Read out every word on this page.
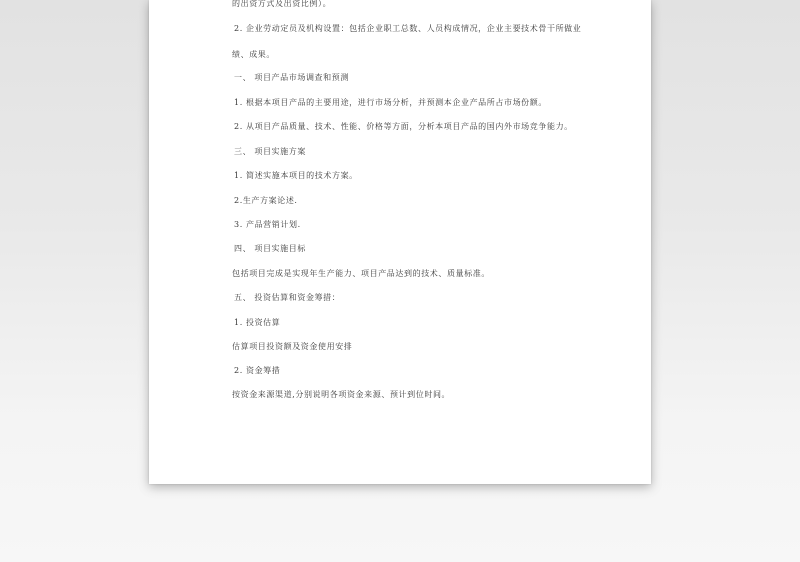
的出资方式及出资比例）。
2. 企业劳动定员及机构设置：包括企业职工总数、人员构成情况，企业主要技术骨干所做业
绩、成果。
一、 项目产品市场调查和预测
1. 根据本项目产品的主要用途，进行市场分析，并预测本企业产品所占市场份额。
2. 从项目产品质量、技术、性能、价格等方面，分析本项目产品的国内外市场竞争能力。
三、 项目实施方案
1. 简述实施本项目的技术方案。
2.生产方案论述.
3. 产品营销计划.
四、 项目实施目标
包括项目完成是实现年生产能力、项目产品达到的技术、质量标准。
五、 投资估算和资金筹措：
1. 投资估算
估算项目投资额及资金使用安排
2. 资金筹措
按资金来源渠道,分别说明各项资金来源、预计到位时间。
